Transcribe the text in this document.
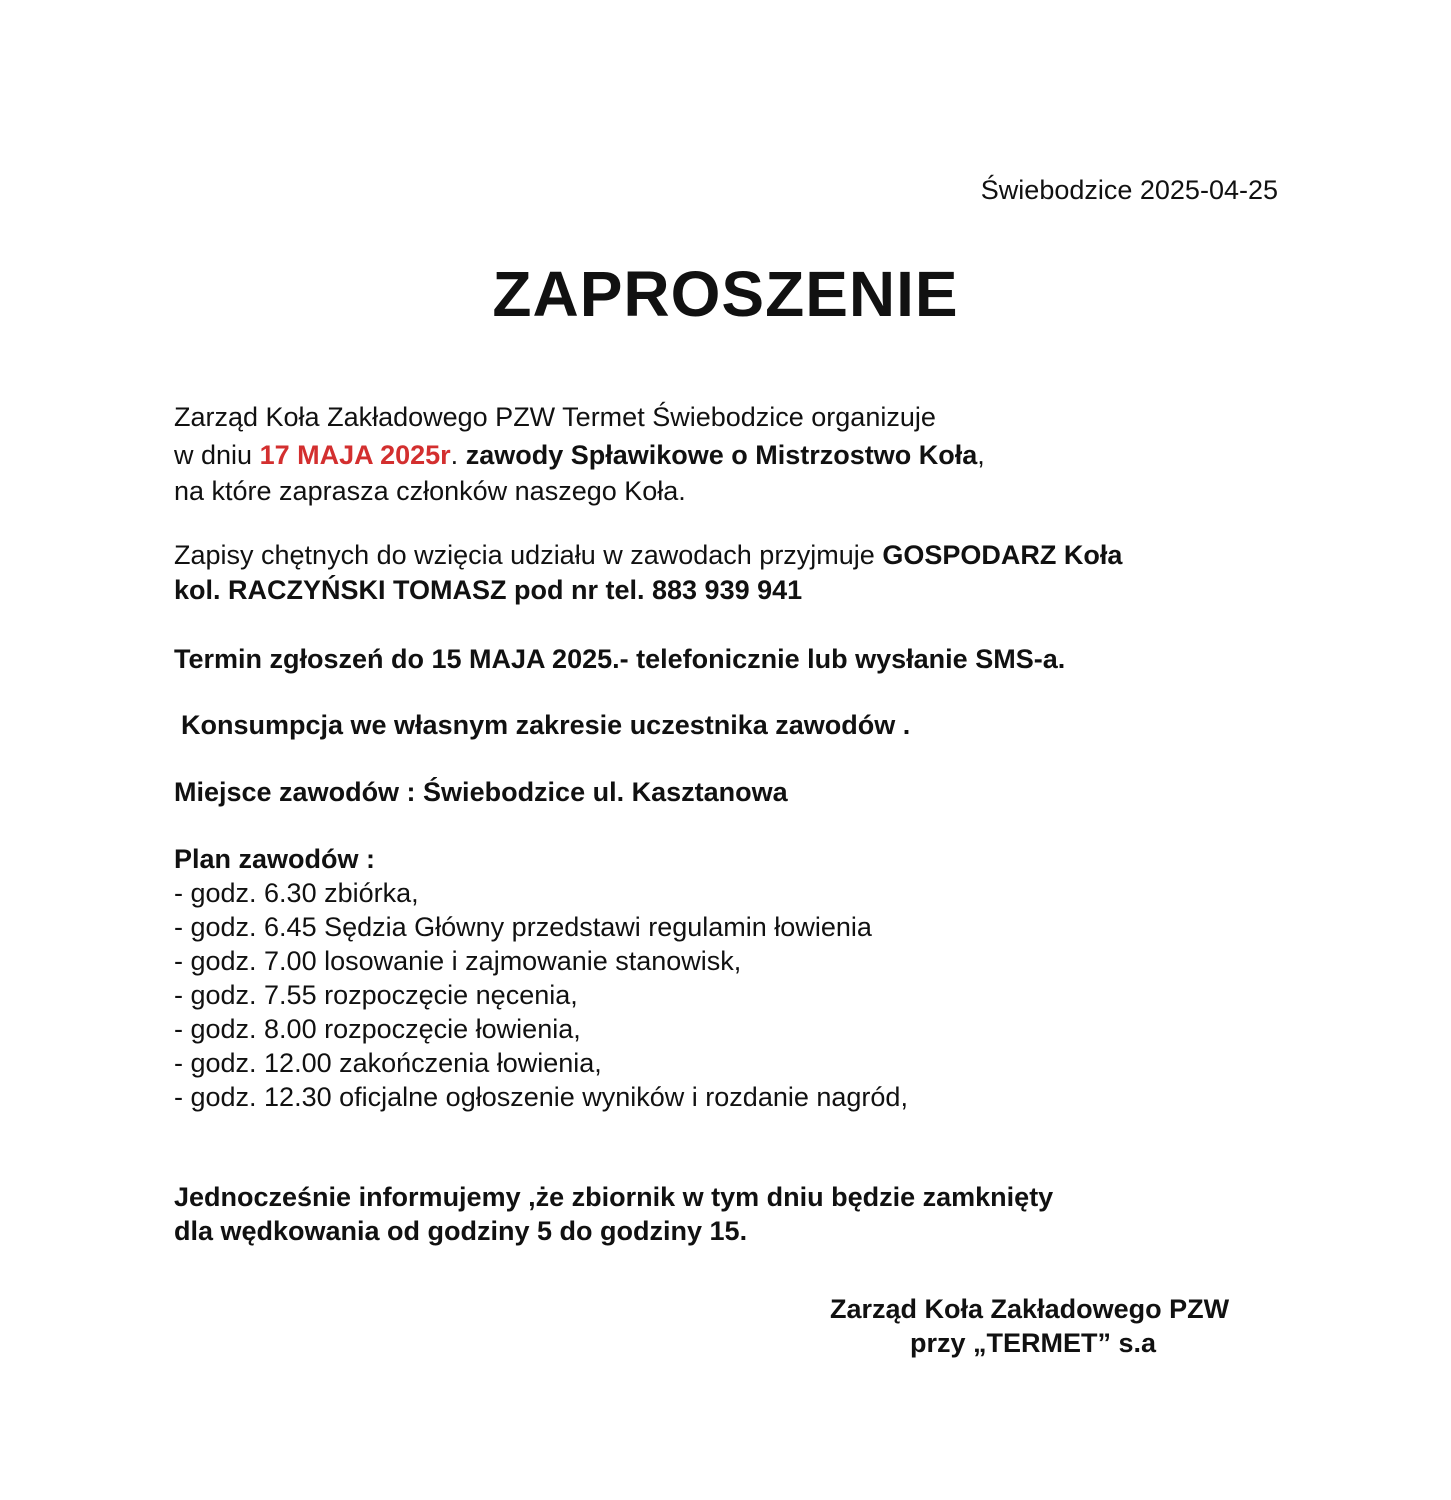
Świebodzice 2025-04-25
ZAPROSZENIE
Zarząd Koła Zakładowego PZW Termet Świebodzice organizuje
w dniu 17 MAJA 2025r. zawody Spławikowe o Mistrzostwo Koła,
na które zaprasza członków naszego Koła.
Zapisy chętnych do wzięcia udziału w zawodach przyjmuje GOSPODARZ Koła
kol. RACZYŃSKI TOMASZ pod nr tel. 883 939 941
Termin zgłoszeń do 15 MAJA 2025.- telefonicznie lub wysłanie SMS-a.
Konsumpcja we własnym zakresie uczestnika zawodów .
Miejsce zawodów : Świebodzice ul. Kasztanowa
Plan zawodów :
- godz. 6.30 zbiórka,
- godz. 6.45 Sędzia Główny przedstawi regulamin łowienia
- godz. 7.00 losowanie i zajmowanie stanowisk,
- godz. 7.55 rozpoczęcie nęcenia,
- godz. 8.00 rozpoczęcie łowienia,
- godz. 12.00 zakończenia łowienia,
- godz. 12.30 oficjalne ogłoszenie wyników i rozdanie nagród,
Jednocześnie informujemy ,że zbiornik w tym dniu będzie zamknięty
dla wędkowania od godziny 5 do godziny 15.
Zarząd Koła Zakładowego PZW
przy „TERMET” s.a
